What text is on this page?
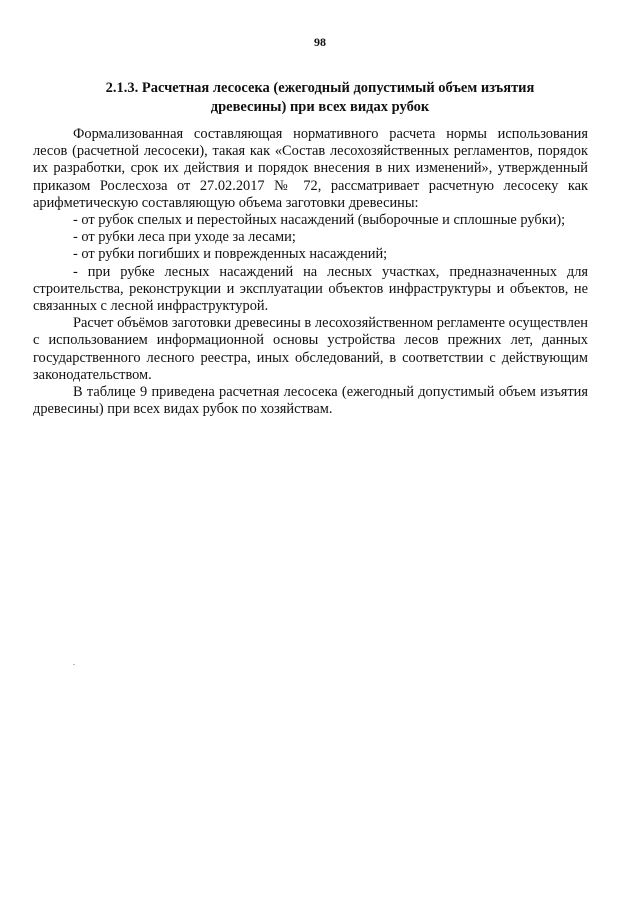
98
2.1.3. Расчетная лесосека (ежегодный допустимый объем изъятия
древесины) при всех видах рубок

Формализованная составляющая нормативного расчета нормы использования лесов (расчетной лесосеки), такая как «Состав лесохозяйственных регламентов, порядок их разработки, срок их действия и порядок внесения в них изменений», утвержденный приказом Рослесхоза от 27.02.2017 № 72, рассматривает расчетную лесосеку как арифметическую составляющую объема заготовки древесины:

- от рубок спелых и перестойных насаждений (выборочные и сплошные рубки);

- от рубки леса при уходе за лесами;

- от рубки погибших и поврежденных насаждений;

- при рубке лесных насаждений на лесных участках, предназначенных для строительства, реконструкции и эксплуатации объектов инфраструктуры и объектов, не связанных с лесной инфраструктурой.

Расчет объёмов заготовки древесины в лесохозяйственном регламенте осуществлен с использованием информационной основы устройства лесов прежних лет, данных государственного лесного реестра, иных обследований, в соответствии с действующим законодательством.

В таблице 9 приведена расчетная лесосека (ежегодный допустимый объем изъятия древесины) при всех видах рубок по хозяйствам.
